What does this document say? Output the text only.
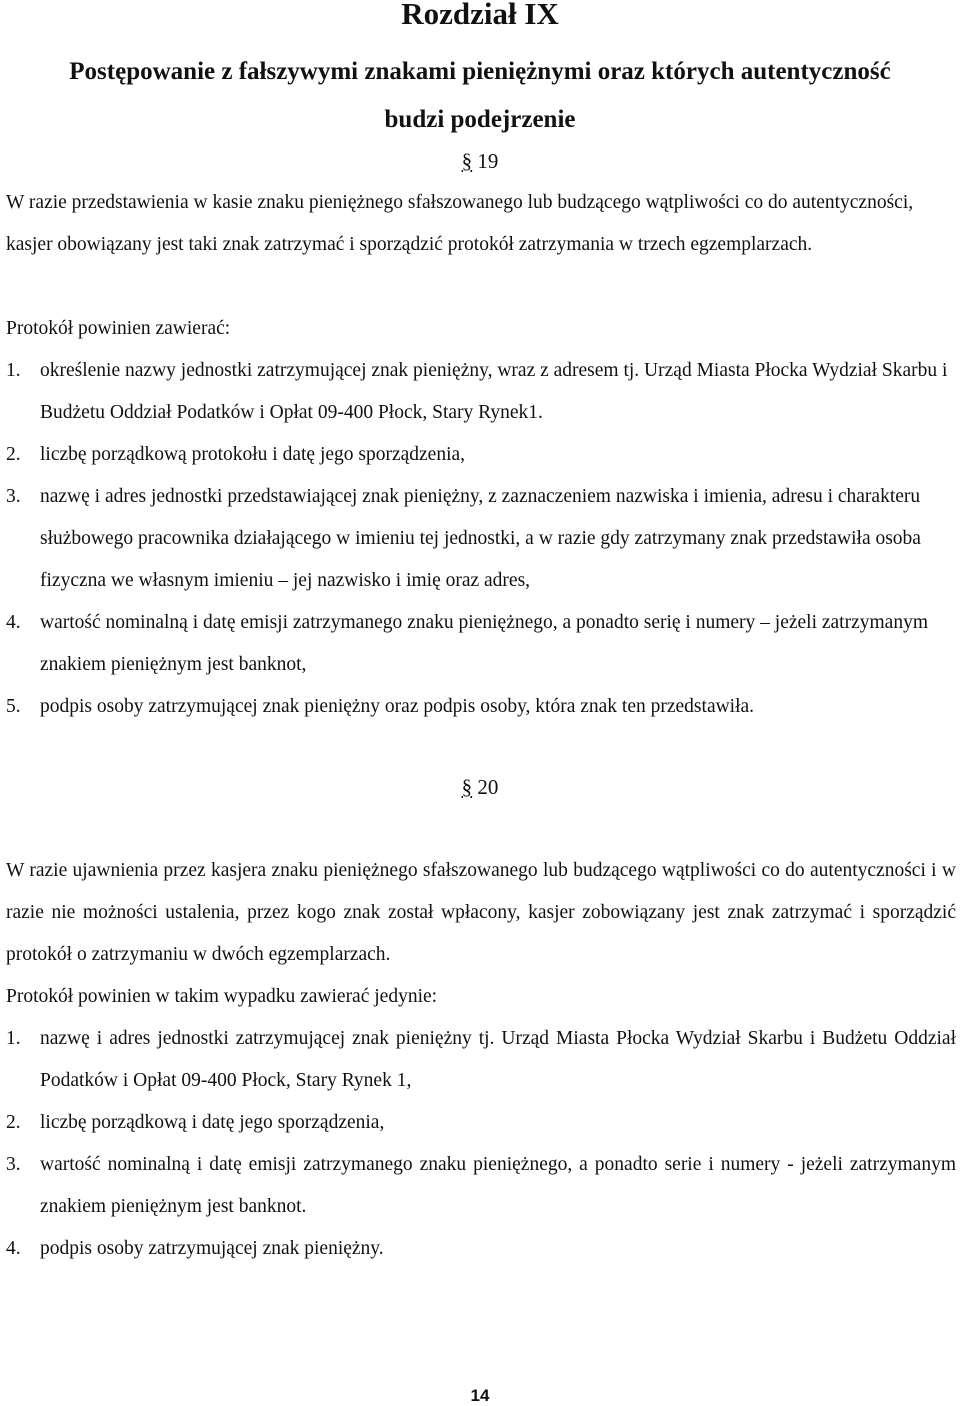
Rozdział IX
Postępowanie z fałszywymi znakami pieniężnymi oraz których autentyczność
budzi podejrzenie
§ 19
W razie przedstawienia w kasie znaku pieniężnego sfałszowanego lub budzącego wątpliwości co do autentyczności, kasjer obowiązany jest taki znak zatrzymać i sporządzić protokół zatrzymania w trzech egzemplarzach.
Protokół powinien zawierać:
1. określenie nazwy jednostki zatrzymującej znak pieniężny, wraz z adresem tj. Urząd Miasta Płocka Wydział Skarbu i Budżetu Oddział Podatków i Opłat 09-400 Płock, Stary Rynek1.
2. liczbę porządkową protokołu i datę jego sporządzenia,
3. nazwę i adres jednostki przedstawiającej znak pieniężny, z zaznaczeniem nazwiska i imienia, adresu i charakteru służbowego pracownika działającego w imieniu tej jednostki, a w razie gdy zatrzymany znak przedstawiła osoba fizyczna we własnym imieniu – jej nazwisko i imię oraz adres,
4. wartość nominalną i datę emisji zatrzymanego znaku pieniężnego, a ponadto serię i numery – jeżeli zatrzymanym znakiem pieniężnym jest banknot,
5. podpis osoby zatrzymującej znak pieniężny oraz podpis osoby, która znak ten przedstawiła.
§ 20
W razie ujawnienia przez kasjera znaku pieniężnego sfałszowanego lub budzącego wątpliwości co do autentyczności i w razie nie możności ustalenia, przez kogo znak został wpłacony, kasjer zobowiązany jest znak zatrzymać i sporządzić protokół o zatrzymaniu w dwóch egzemplarzach.
Protokół powinien w takim wypadku zawierać jedynie:
1. nazwę i adres jednostki zatrzymującej znak pieniężny tj. Urząd Miasta Płocka Wydział Skarbu i Budżetu Oddział Podatków i Opłat 09-400 Płock, Stary Rynek 1,
2. liczbę porządkową i datę jego sporządzenia,
3. wartość nominalną i datę emisji zatrzymanego znaku pieniężnego, a ponadto serie i numery - jeżeli zatrzymanym znakiem pieniężnym jest banknot.
4. podpis osoby zatrzymującej znak pieniężny.
14
